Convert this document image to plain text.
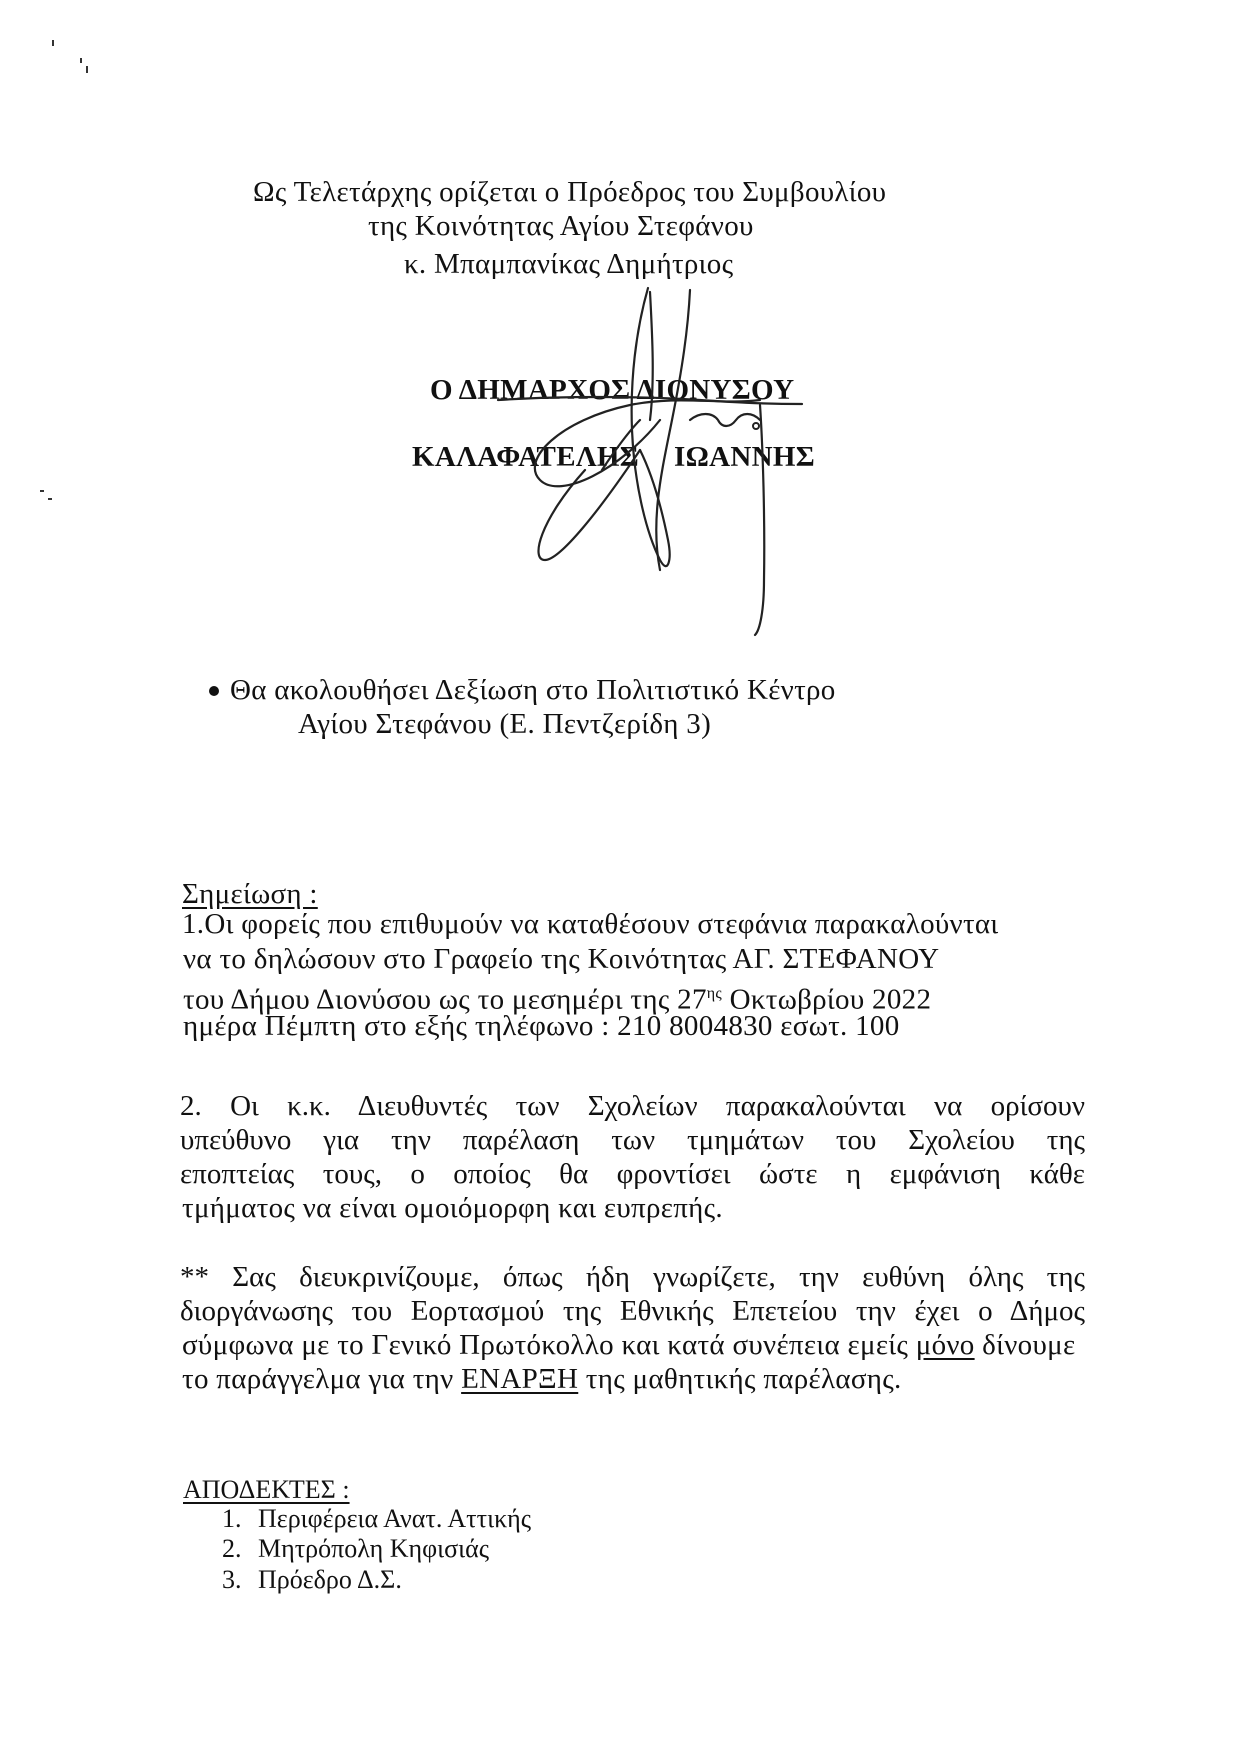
Ως Τελετάρχης ορίζεται ο Πρόεδρος του Συμβουλίου
της Κοινότητας Αγίου Στεφάνου
κ. Μπαμπανίκας Δημήτριος
Ο ΔΗΜΑΡΧΟΣ ΔΙΟΝΥΣΟΥ
ΚΑΛΑΦΑΤΕΛΗΣ ΙΩΑΝΝΗΣ
Θα ακολουθήσει Δεξίωση στο Πολιτιστικό Κέντρο
Αγίου Στεφάνου (Ε. Πεντζερίδη 3)
Σημείωση :
1.Οι φορείς που επιθυμούν να καταθέσουν στεφάνια παρακαλούνται
να το δηλώσουν στο Γραφείο της Κοινότητας ΑΓ. ΣΤΕΦΑΝΟΥ
του Δήμου Διονύσου ως το μεσημέρι της $27^{\eta\varsigma}$ Οκτωβρίου 2022
ημέρα Πέμπτη στο εξής τηλέφωνο : 210 8004830 εσωτ. 100
2. Οι κ.κ. Διευθυντές των Σχολείων παρακαλούνται να ορίσουν
υπεύθυνο για την παρέλαση των τμημάτων του Σχολείου της
εποπτείας τους, ο οποίος θα φροντίσει ώστε η εμφάνιση κάθε
τμήματος να είναι ομοιόμορφη και ευπρεπής.
** Σας διευκρινίζουμε, όπως ήδη γνωρίζετε, την ευθύνη όλης της
διοργάνωσης του Εορτασμού της Εθνικής Επετείου την έχει ο Δήμος
σύμφωνα με το Γενικό Πρωτόκολλο και κατά συνέπεια εμείς μόνο δίνουμε
το παράγγελμα για την ΕΝΑΡΞΗ της μαθητικής παρέλασης.
ΑΠΟΔΕΚΤΕΣ :
1. Περιφέρεια Ανατ. Αττικής
2. Μητρόπολη Κηφισιάς
3. Πρόεδρο Δ.Σ.
